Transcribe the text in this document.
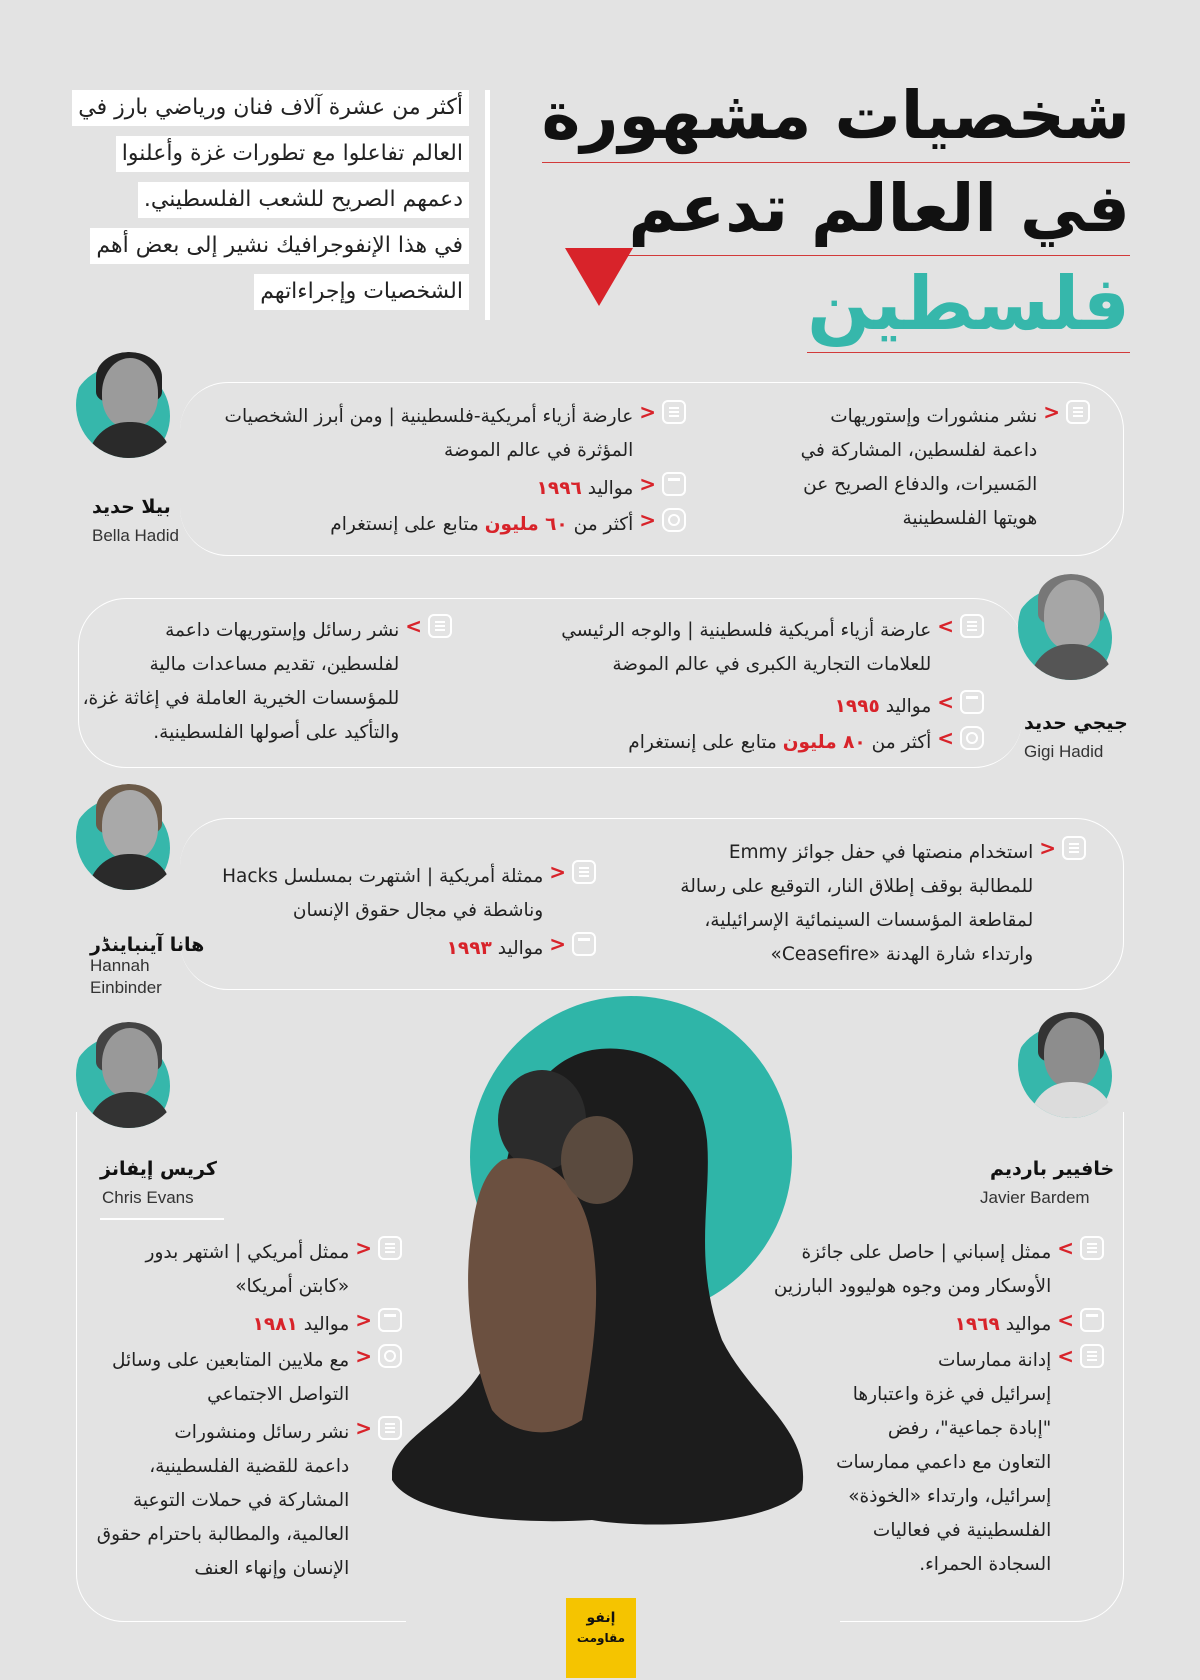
شخصيات مشهورة
في العالم تدعم
فلسطين
أكثر من عشرة آلاف فنان ورياضي بارز في
العالم تفاعلوا مع تطورات غزة وأعلنوا
دعمهم الصريح للشعب الفلسطيني.
في هذا الإنفوجرافيك نشير إلى بعض أهم
الشخصيات وإجراءاتهم
بيلا حديد
Bella Hadid
<
عارضة أزياء أمريكية-فلسطينية | ومن أبرز الشخصيات
المؤثرة في عالم الموضة
<
مواليد ١٩٩٦
<
أكثر من ٦٠ مليون متابع على إنستغرام
<
نشر منشورات وإستوريهات
داعمة لفلسطين، المشاركة في
المَسيرات، والدفاع الصريح عن
هويتها الفلسطينية
جيجي حديد
Gigi Hadid
>
عارضة أزياء أمريكية فلسطينية | والوجه الرئيسي
للعلامات التجارية الكبرى في عالم الموضة
>
مواليد ١٩٩٥
>
أكثر من ٨٠ مليون متابع على إنستغرام
>
نشر رسائل وإستوريهات داعمة
لفلسطين، تقديم مساعدات مالية
للمؤسسات الخيرية العاملة في إغاثة غزة،
والتأكيد على أصولها الفلسطينية.
هانا آينباينڈر
Hannah
Einbinder
<
ممثلة أمريكية | اشتهرت بمسلسل Hacks
وناشطة في مجال حقوق الإنسان
<
مواليد ١٩٩٣
<
استخدام منصتها في حفل جوائز Emmy
للمطالبة بوقف إطلاق النار، التوقيع على رسالة
لمقاطعة المؤسسات السينمائية الإسرائيلية،
وارتداء شارة الهدنة «Ceasefire»
كريس إيفانز
Chris Evans
<
ممثل أمريكي | اشتهر بدور
«كابتن أمريكا»
<
مواليد ١٩٨١
<
مع ملايين المتابعين على وسائل
التواصل الاجتماعي
<
نشر رسائل ومنشورات
داعمة للقضية الفلسطينية،
المشاركة في حملات التوعية
العالمية، والمطالبة باحترام حقوق
الإنسان وإنهاء العنف
خافيير بارديم
Javier Bardem
>
ممثل إسباني | حاصل على جائزة
الأوسكار ومن وجوه هوليوود البارزين
>
مواليد ١٩٦٩
>
إدانة ممارسات
إسرائيل في غزة واعتبارها
"إبادة جماعية"، رفض
التعاون مع داعمي ممارسات
إسرائيل، وارتداء «الخوذة»
الفلسطينية في فعاليات
السجادة الحمراء.
إنفو
مقاومت
